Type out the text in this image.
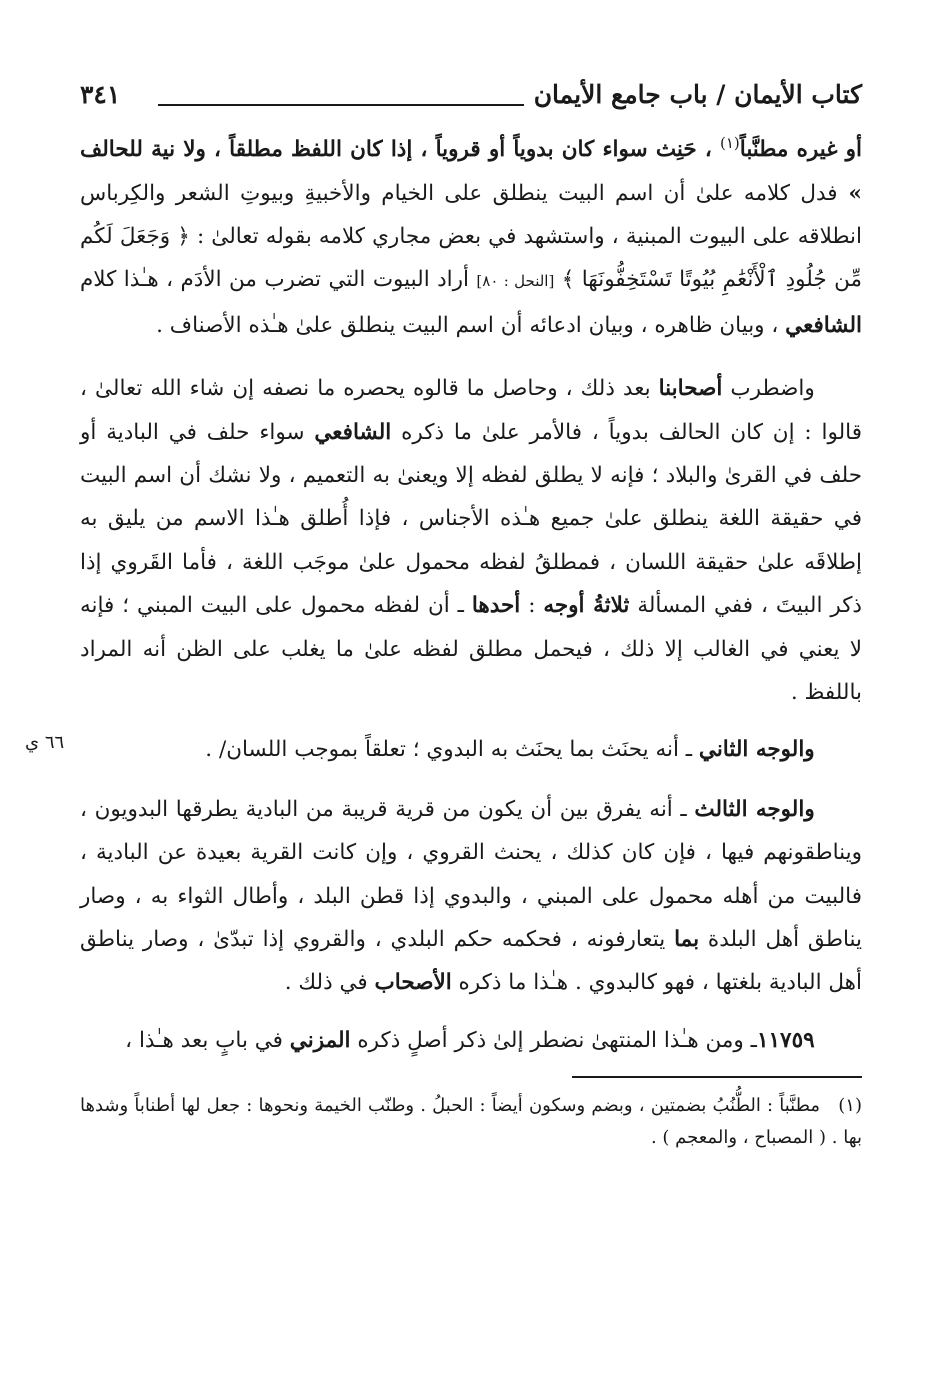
كتاب الأيمان / باب جامع الأيمان
٣٤١

أو غيره مطنَّباً$^{(١)}$ ، حَنِث سواء كان بدوياً أو قروياً ، إذا كان اللفظ مطلقاً ، ولا نية للحالف » فدل كلامه علىٰ أن اسم البيت ينطلق على الخيام والأخبيةِ وبيوتِ الشعر والكِرباس انطلاقه على البيوت المبنية ، واستشهد في بعض مجاري كلامه بقوله تعالىٰ : ﴿ وَجَعَلَ لَكُم مِّن جُلُودِ ٱلْأَنْعَٰمِ بُيُوتًا تَسْتَخِفُّونَهَا ﴾ [النحل : ٨٠] أراد البيوت التي تضرب من الأدَم ، هـٰذا كلام الشافعي ، وبيان ظاهره ، وبيان ادعائه أن اسم البيت ينطلق علىٰ هـٰذه الأصناف .

واضطرب أصحابنا بعد ذلك ، وحاصل ما قالوه يحصره ما نصفه إن شاء الله تعالىٰ ، قالوا : إن كان الحالف بدوياً ، فالأمر علىٰ ما ذكره الشافعي سواء حلف في البادية أو حلف في القرىٰ والبلاد ؛ فإنه لا يطلق لفظه إلا ويعنىٰ به التعميم ، ولا نشك أن اسم البيت في حقيقة اللغة ينطلق علىٰ جميع هـٰذه الأجناس ، فإذا أُطلق هـٰذا الاسم من يليق به إطلاقَه علىٰ حقيقة اللسان ، فمطلقُ لفظه محمول علىٰ موجَب اللغة ، فأما القَروي إذا ذكر البيتَ ، ففي المسألة ثلاثةُ أوجه : أحدها ـ أن لفظه محمول على البيت المبني ؛ فإنه لا يعني في الغالب إلا ذلك ، فيحمل مطلق لفظه علىٰ ما يغلب على الظن أنه المراد باللفظ .

والوجه الثاني ـ أنه يحنَث بما يحنَث به البدوي ؛ تعلقاً بموجب اللسان/ .

٦٦ ي

والوجه الثالث ـ أنه يفرق بين أن يكون من قرية قريبة من البادية يطرقها البدويون ، ويناطقونهم فيها ، فإن كان كذلك ، يحنث القروي ، وإن كانت القرية بعيدة عن البادية ، فالبيت من أهله محمول على المبني ، والبدوي إذا قطن البلد ، وأطال الثواء به ، وصار يناطق أهل البلدة بما يتعارفونه ، فحكمه حكم البلدي ، والقروي إذا تبدّىٰ ، وصار يناطق أهل البادية بلغتها ، فهو كالبدوي . هـٰذا ما ذكره الأصحاب في ذلك .

١١٧٥٩ـ ومن هـٰذا المنتهىٰ نضطر إلىٰ ذكر أصلٍ ذكره المزني في بابٍ بعد هـٰذا ،

(١)مطنَّباً : الطُّنُبُ بضمتين ، وبضم وسكون أيضاً : الحبلُ . وطنّب الخيمة ونحوها : جعل لها أطناباً وشدها بها . ( المصباح ، والمعجم ) .
